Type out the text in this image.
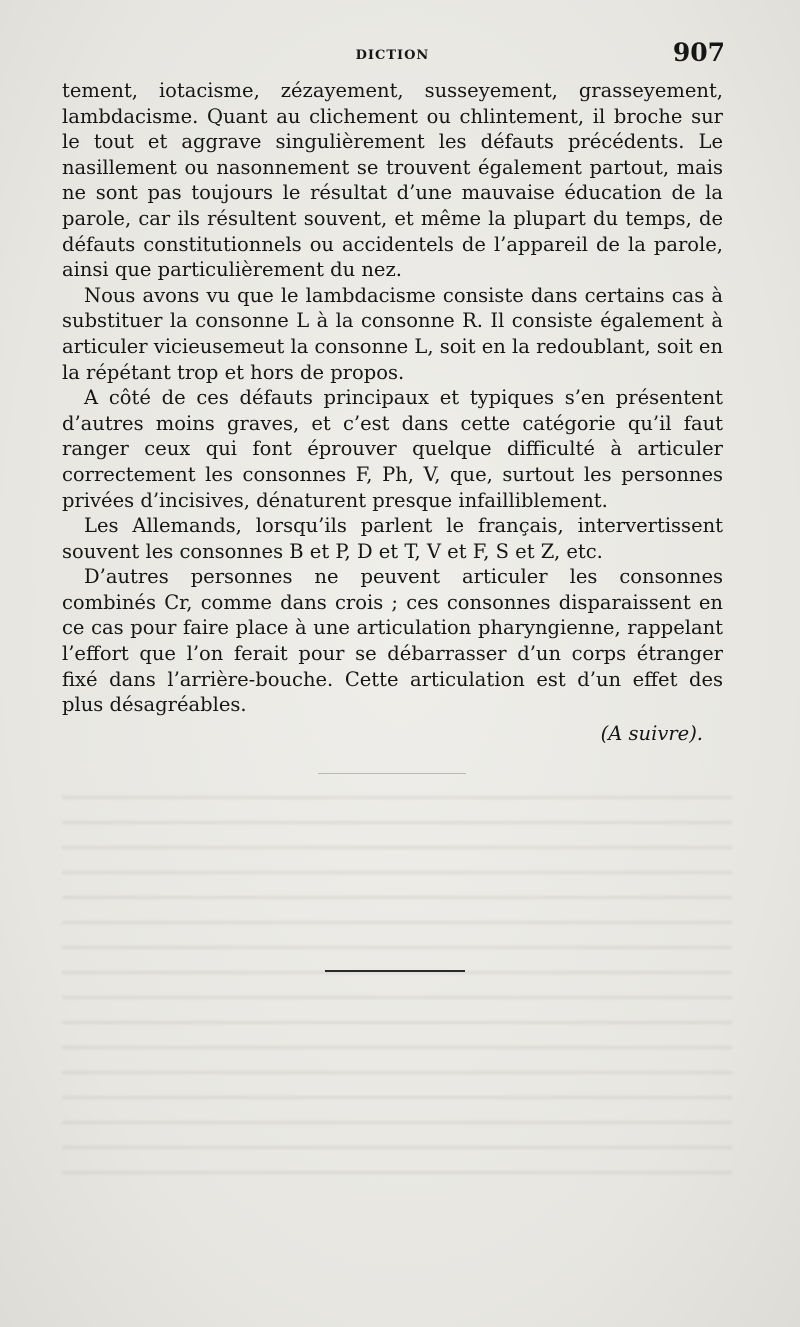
DICTION	907

tement, iotacisme, zézayement, susseyement, grasseyement, lambdacisme. Quant au clichement ou chlintement, il broche sur le tout et aggrave singulièrement les défauts précédents. Le nasillement ou nasonnement se trouvent également partout, mais ne sont pas toujours le résultat d’une mauvaise éducation de la parole, car ils résultent souvent, et même la plupart du temps, de défauts constitutionnels ou accidentels de l’appareil de la parole, ainsi que particulièrement du nez.

Nous avons vu que le lambdacisme consiste dans certains cas à substituer la consonne L à la consonne R. Il consiste également à articuler vicieusemeut la consonne L, soit en la redoublant, soit en la répétant trop et hors de propos.

A côté de ces défauts principaux et typiques s’en présentent d’autres moins graves, et c’est dans cette catégorie qu’il faut ranger ceux qui font éprouver quelque difficulté à articuler correctement les consonnes F, Ph, V, que, surtout les personnes privées d’incisives, dénaturent presque infailliblement.

Les Allemands, lorsqu’ils parlent le français, intervertissent souvent les consonnes B et P, D et T, V et F, S et Z, etc.

D’autres personnes ne peuvent articuler les consonnes combinés Cr, comme dans crois ; ces consonnes disparaissent en ce cas pour faire place à une articulation pharyngienne, rappelant l’effort que l’on ferait pour se débarrasser d’un corps étranger fixé dans l’arrière-bouche. Cette articulation est d’un effet des plus désagréables.

(A suivre).
